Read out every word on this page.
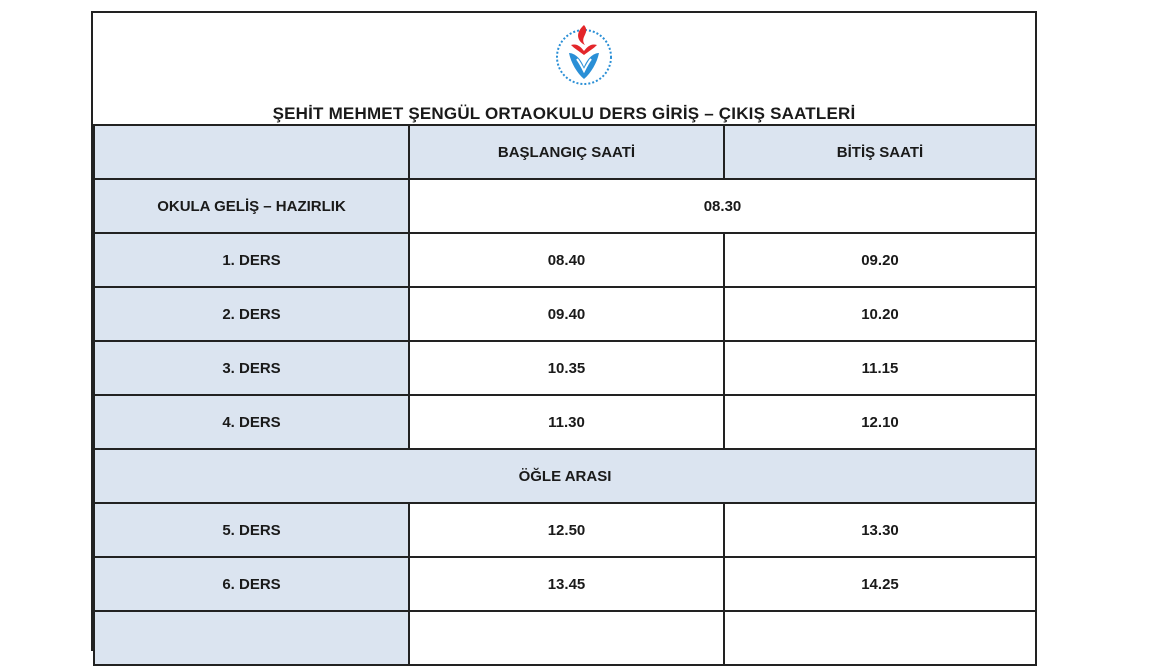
ŞEHİT MEHMET ŞENGÜL ORTAOKULU DERS GİRİŞ – ÇIKIŞ SAATLERİ
	BAŞLANGIÇ SAATİ	BİTİŞ SAATİ
OKULA GELİŞ – HAZIRLIK	08.30	
1. DERS	08.40	09.20
2. DERS	09.40	10.20
3. DERS	10.35	11.15
4. DERS	11.30	12.10
ÖĞLE ARASI		
5. DERS	12.50	13.30
6. DERS	13.45	14.25
